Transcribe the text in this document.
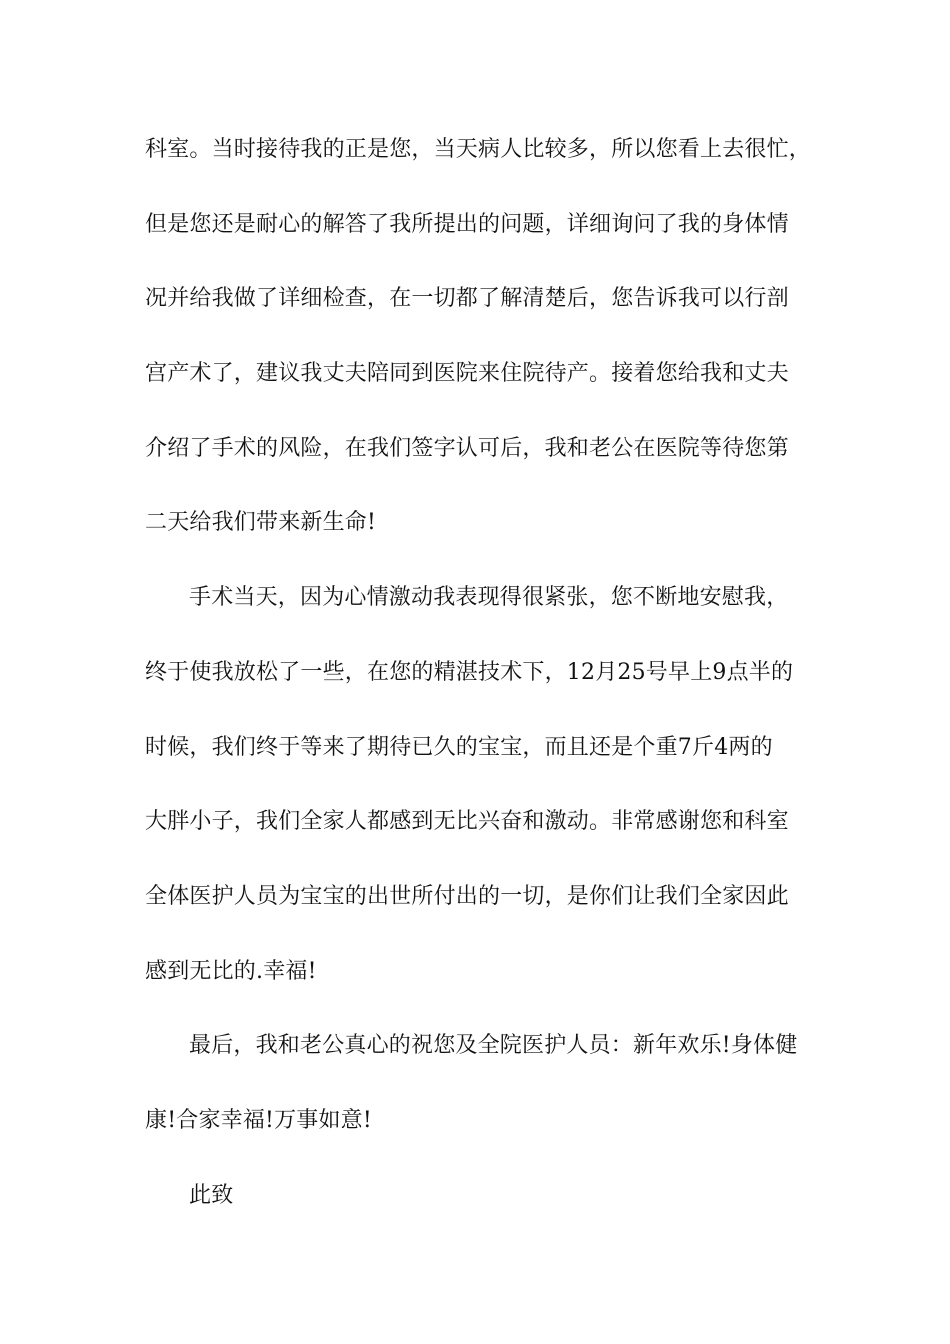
科室。当时接待我的正是您，当天病人比较多，所以您看上去很忙，
但是您还是耐心的解答了我所提出的问题，详细询问了我的身体情
况并给我做了详细检查，在一切都了解清楚后，您告诉我可以行剖
宫产术了，建议我丈夫陪同到医院来住院待产。接着您给我和丈夫
介绍了手术的风险，在我们签字认可后，我和老公在医院等待您第
二天给我们带来新生命!
手术当天，因为心情激动我表现得很紧张，您不断地安慰我，
终于使我放松了一些，在您的精湛技术下，12月25号早上9点半的
时候，我们终于等来了期待已久的宝宝，而且还是个重7斤4两的
大胖小子，我们全家人都感到无比兴奋和激动。非常感谢您和科室
全体医护人员为宝宝的出世所付出的一切，是你们让我们全家因此
感到无比的.幸福!
最后，我和老公真心的祝您及全院医护人员：新年欢乐!身体健
康!合家幸福!万事如意!
此致
